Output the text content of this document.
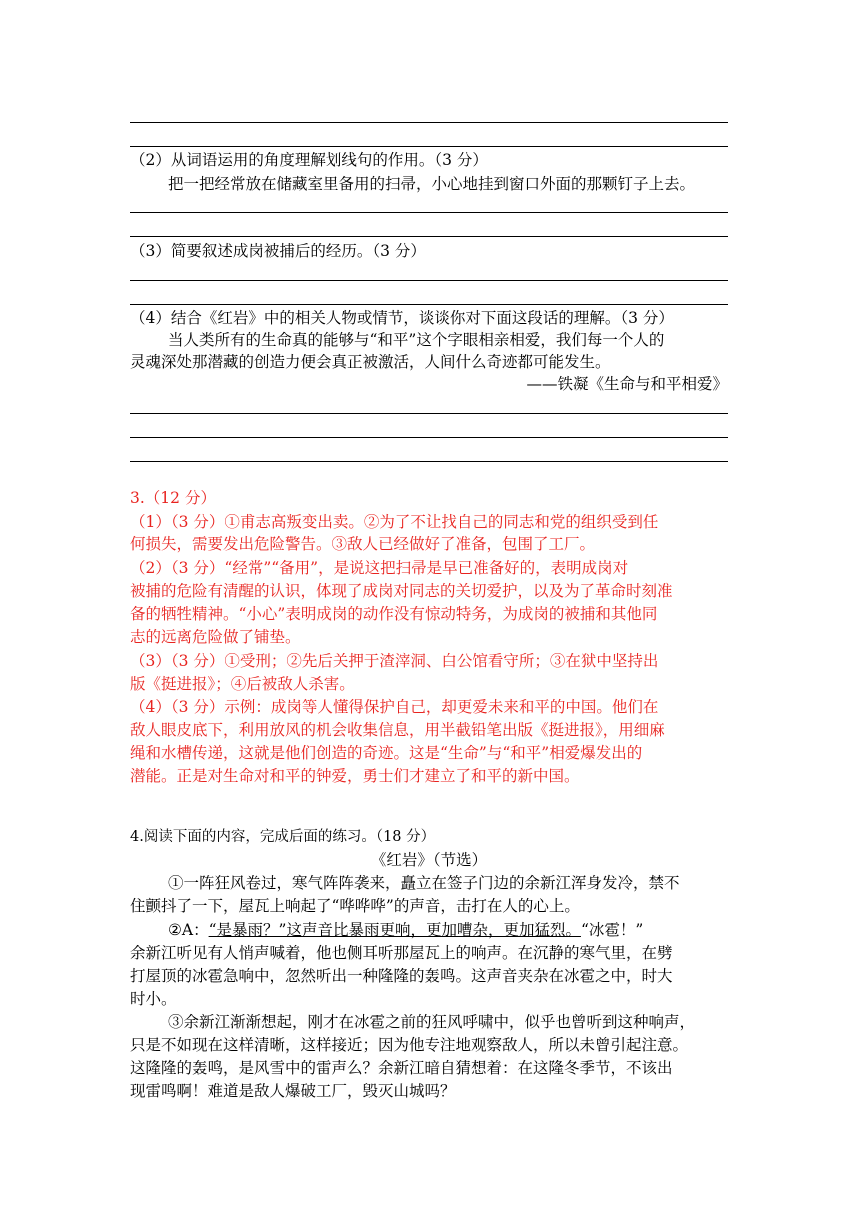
（2）从词语运用的角度理解划线句的作用。（3 分）
把一把经常放在储藏室里备用的扫帚，小心地挂到窗口外面的那颗钉子上去。
（3）简要叙述成岗被捕后的经历。（3 分）
（4）结合《红岩》中的相关人物或情节，谈谈你对下面这段话的理解。（3 分）
当人类所有的生命真的能够与“和平”这个字眼相亲相爱，我们每一个人的
灵魂深处那潜藏的创造力便会真正被激活，人间什么奇迹都可能发生。
——铁凝《生命与和平相爱》
3.（12 分）
（1）（3 分）①甫志高叛变出卖。②为了不让找自己的同志和党的组织受到任
何损失，需要发出危险警告。③敌人已经做好了准备，包围了工厂。
（2）（3 分）“经常”“备用”，是说这把扫帚是早已准备好的，表明成岗对
被捕的危险有清醒的认识，体现了成岗对同志的关切爱护，以及为了革命时刻准
备的牺牲精神。“小心”表明成岗的动作没有惊动特务，为成岗的被捕和其他同
志的远离危险做了铺垫。
（3）（3 分）①受刑；②先后关押于渣滓洞、白公馆看守所；③在狱中坚持出
版《挺进报》；④后被敌人杀害。
（4）（3 分）示例：成岗等人懂得保护自己，却更爱未来和平的中国。他们在
敌人眼皮底下，利用放风的机会收集信息，用半截铅笔出版《挺进报》，用细麻
绳和水槽传递，这就是他们创造的奇迹。这是“生命”与“和平”相爱爆发出的
潜能。正是对生命对和平的钟爱，勇士们才建立了和平的新中国。
4.阅读下面的内容，完成后面的练习。（18 分）
《红岩》（节选）
①一阵狂风卷过，寒气阵阵袭来，矗立在签子门边的余新江浑身发冷，禁不
住颤抖了一下，屋瓦上响起了“哗哗哗”的声音，击打在人的心上。
②A：“是暴雨？”这声音比暴雨更响，更加嘈杂，更加猛烈。“冰雹！”
余新江听见有人悄声喊着，他也侧耳听那屋瓦上的响声。在沉静的寒气里，在劈
打屋顶的冰雹急响中，忽然听出一种隆隆的轰鸣。这声音夹杂在冰雹之中，时大
时小。
③余新江渐渐想起，刚才在冰雹之前的狂风呼啸中，似乎也曾听到这种响声，
只是不如现在这样清晰，这样接近；因为他专注地观察敌人，所以未曾引起注意。
这隆隆的轰鸣，是风雪中的雷声么？余新江暗自猜想着：在这隆冬季节，不该出
现雷鸣啊！难道是敌人爆破工厂，毁灭山城吗？
